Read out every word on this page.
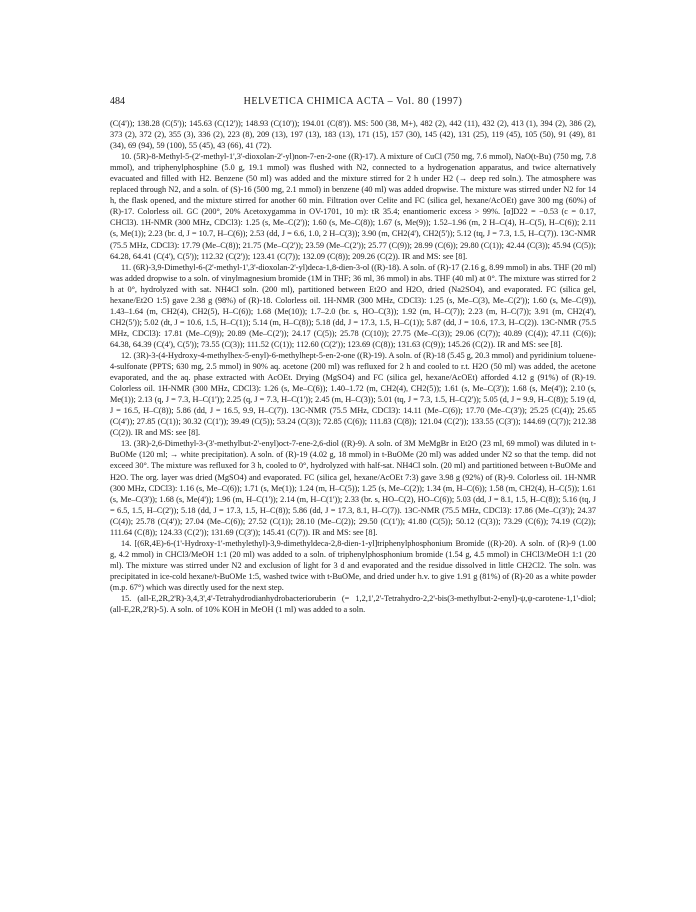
484	HELVETICA CHIMICA ACTA – Vol. 80 (1997)

(C(4')); 138.28 (C(5')); 145.63 (C(12')); 148.93 (C(10')); 194.01 (C(8')). MS: 500 (38, M+), 482 (2), 442 (11), 432 (2), 413 (1), 394 (2), 386 (2), 373 (2), 372 (2), 355 (3), 336 (2), 223 (8), 209 (13), 197 (13), 183 (13), 171 (15), 157 (30), 145 (42), 131 (25), 119 (45), 105 (50), 91 (49), 81 (34), 69 (94), 59 (100), 55 (45), 43 (66), 41 (72).

10. (5R)-8-Methyl-5-(2'-methyl-1',3'-dioxolan-2'-yl)non-7-en-2-one ((R)-17). A mixture of CuCl (750 mg, 7.6 mmol), NaO(t-Bu) (750 mg, 7.8 mmol), and triphenylphosphine (5.0 g, 19.1 mmol) was flushed with N2, connected to a hydrogenation apparatus, and twice alternatively evacuated and filled with H2. Benzene (50 ml) was added and the mixture stirred for 2 h under H2 (→ deep red soln.). The atmosphere was replaced through N2, and a soln. of (S)-16 (500 mg, 2.1 mmol) in benzene (40 ml) was added dropwise. The mixture was stirred under N2 for 14 h, the flask opened, and the mixture stirred for another 60 min. Filtration over Celite and FC (silica gel, hexane/AcOEt) gave 300 mg (60%) of (R)-17. Colorless oil. GC (200°, 20% Acetoxygamma in OV-1701, 10 m): tR 35.4; enantiomeric excess > 99%. [α]D22 = −0.53 (c = 0.17, CHCl3). 1H-NMR (300 MHz, CDCl3): 1.25 (s, Me–C(2')); 1.60 (s, Me–C(8)); 1.67 (s, Me(9)); 1.52–1.96 (m, 2 H–C(4), H–C(5), H–C(6)); 2.11 (s, Me(1)); 2.23 (br. d, J = 10.7, H–C(6)); 2.53 (dd, J = 6.6, 1.0, 2 H–C(3)); 3.90 (m, CH2(4'), CH2(5')); 5.12 (tq, J = 7.3, 1.5, H–C(7)). 13C-NMR (75.5 MHz, CDCl3): 17.79 (Me–C(8)); 21.75 (Me–C(2')); 23.59 (Me–C(2')); 25.77 (C(9)); 28.99 (C(6)); 29.80 (C(1)); 42.44 (C(3)); 45.94 (C(5)); 64.28, 64.41 (C(4'), C(5')); 112.32 (C(2')); 123.41 (C(7)); 132.09 (C(8)); 209.26 (C(2)). IR and MS: see [8].

11. (6R)-3,9-Dimethyl-6-(2'-methyl-1',3'-dioxolan-2'-yl)deca-1,8-dien-3-ol ((R)-18). A soln. of (R)-17 (2.16 g, 8.99 mmol) in abs. THF (20 ml) was added dropwise to a soln. of vinylmagnesium bromide (1M in THF; 36 ml, 36 mmol) in abs. THF (40 ml) at 0°. The mixture was stirred for 2 h at 0°, hydrolyzed with sat. NH4Cl soln. (200 ml), partitioned between Et2O and H2O, dried (Na2SO4), and evaporated. FC (silica gel, hexane/Et2O 1:5) gave 2.38 g (98%) of (R)-18. Colorless oil. 1H-NMR (300 MHz, CDCl3): 1.25 (s, Me–C(3), Me–C(2')); 1.60 (s, Me–C(9)), 1.43–1.64 (m, CH2(4), CH2(5), H–C(6)); 1.68 (Me(10)); 1.7–2.0 (br. s, HO–C(3)); 1.92 (m, H–C(7)); 2.23 (m, H–C(7)); 3.91 (m, CH2(4'), CH2(5')); 5.02 (dt, J = 10.6, 1.5, H–C(1)); 5.14 (m, H–C(8)); 5.18 (dd, J = 17.3, 1.5, H–C(1)); 5.87 (dd, J = 10.6, 17.3, H–C(2)). 13C-NMR (75.5 MHz, CDCl3): 17.81 (Me–C(9)); 20.89 (Me–C(2')); 24.17 (C(5)); 25.78 (C(10)); 27.75 (Me–C(3)); 29.06 (C(7)); 40.89 (C(4)); 47.11 (C(6)); 64.38, 64.39 (C(4'), C(5')); 73.55 (C(3)); 111.52 (C(1)); 112.60 (C(2')); 123.69 (C(8)); 131.63 (C(9)); 145.26 (C(2)). IR and MS: see [8].

12. (3R)-3-(4-Hydroxy-4-methylhex-5-enyl)-6-methylhept-5-en-2-one ((R)-19). A soln. of (R)-18 (5.45 g, 20.3 mmol) and pyridinium toluene-4-sulfonate (PPTS; 630 mg, 2.5 mmol) in 90% aq. acetone (200 ml) was refluxed for 2 h and cooled to r.t. H2O (50 ml) was added, the acetone evaporated, and the aq. phase extracted with AcOEt. Drying (MgSO4) and FC (silica gel, hexane/AcOEt) afforded 4.12 g (91%) of (R)-19. Colorless oil. 1H-NMR (300 MHz, CDCl3): 1.26 (s, Me–C(6)); 1.40–1.72 (m, CH2(4), CH2(5)); 1.61 (s, Me–C(3')); 1.68 (s, Me(4')); 2.10 (s, Me(1)); 2.13 (q, J = 7.3, H–C(1')); 2.25 (q, J = 7.3, H–C(1')); 2.45 (m, H–C(3)); 5.01 (tq, J = 7.3, 1.5, H–C(2')); 5.05 (d, J = 9.9, H–C(8)); 5.19 (d, J = 16.5, H–C(8)); 5.86 (dd, J = 16.5, 9.9, H–C(7)). 13C-NMR (75.5 MHz, CDCl3): 14.11 (Me–C(6)); 17.70 (Me–C(3')); 25.25 (C(4)); 25.65 (C(4')); 27.85 (C(1)); 30.32 (C(1')); 39.49 (C(5)); 53.24 (C(3)); 72.85 (C(6)); 111.83 (C(8)); 121.04 (C(2')); 133.55 (C(3')); 144.69 (C(7)); 212.38 (C(2)). IR and MS: see [8].

13. (3R)-2,6-Dimethyl-3-(3'-methylbut-2'-enyl)oct-7-ene-2,6-diol ((R)-9). A soln. of 3M MeMgBr in Et2O (23 ml, 69 mmol) was diluted in t-BuOMe (120 ml; → white precipitation). A soln. of (R)-19 (4.02 g, 18 mmol) in t-BuOMe (20 ml) was added under N2 so that the temp. did not exceed 30°. The mixture was refluxed for 3 h, cooled to 0°, hydrolyzed with half-sat. NH4Cl soln. (20 ml) and partitioned between t-BuOMe and H2O. The org. layer was dried (MgSO4) and evaporated. FC (silica gel, hexane/AcOEt 7:3) gave 3.98 g (92%) of (R)-9. Colorless oil. 1H-NMR (300 MHz, CDCl3): 1.16 (s, Me–C(6)); 1.71 (s, Me(1)); 1.24 (m, H–C(5)); 1.25 (s, Me–C(2)); 1.34 (m, H–C(6)); 1.58 (m, CH2(4), H–C(5)); 1.61 (s, Me–C(3')); 1.68 (s, Me(4')); 1.96 (m, H–C(1')); 2.14 (m, H–C(1')); 2.33 (br. s, HO–C(2), HO–C(6)); 5.03 (dd, J = 8.1, 1.5, H–C(8)); 5.16 (tq, J = 6.5, 1.5, H–C(2')); 5.18 (dd, J = 17.3, 1.5, H–C(8)); 5.86 (dd, J = 17.3, 8.1, H–C(7)). 13C-NMR (75.5 MHz, CDCl3): 17.86 (Me–C(3')); 24.37 (C(4)); 25.78 (C(4')); 27.04 (Me–C(6)); 27.52 (C(1)); 28.10 (Me–C(2)); 29.50 (C(1')); 41.80 (C(5)); 50.12 (C(3)); 73.29 (C(6)); 74.19 (C(2)); 111.64 (C(8)); 124.33 (C(2')); 131.69 (C(3')); 145.41 (C(7)). IR and MS: see [8].

14. [(6R,4E)-6-(1'-Hydroxy-1'-methylethyl)-3,9-dimethyldeca-2,8-dien-1-yl]triphenylphosphonium Bromide ((R)-20). A soln. of (R)-9 (1.00 g, 4.2 mmol) in CHCl3/MeOH 1:1 (20 ml) was added to a soln. of triphenylphosphonium bromide (1.54 g, 4.5 mmol) in CHCl3/MeOH 1:1 (20 ml). The mixture was stirred under N2 and exclusion of light for 3 d and evaporated and the residue dissolved in little CH2Cl2. The soln. was precipitated in ice-cold hexane/t-BuOMe 1:5, washed twice with t-BuOMe, and dried under h.v. to give 1.91 g (81%) of (R)-20 as a white powder (m.p. 67°) which was directly used for the next step.

15. (all-E,2R,2'R)-3,4,3',4'-Tetrahydrodianhydrobacterioruberin (= 1,2,1',2'-Tetrahydro-2,2'-bis(3-methylbut-2-enyl)-ψ,ψ-carotene-1,1'-diol; (all-E,2R,2'R)-5). A soln. of 10% KOH in MeOH (1 ml) was added to a soln.
